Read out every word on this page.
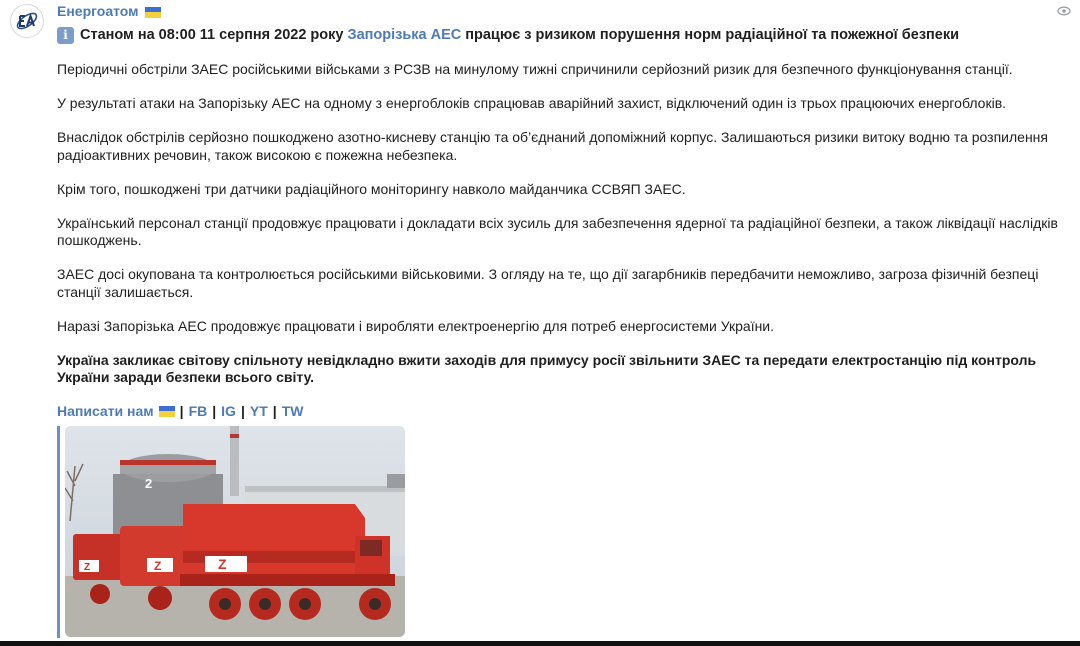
Енергоатом
i Станом на 08:00 11 серпня 2022 року Запорізька АЕС працює з ризиком порушення норм радіаційної та пожежної безпеки

Періодичні обстріли ЗАЕС російськими військами з РСЗВ на минулому тижні спричинили серйозний ризик для безпечного функціонування станції.

У результаті атаки на Запорізьку АЕС на одному з енергоблоків спрацював аварійний захист, відключений один із трьох працюючих енергоблоків.

Внаслідок обстрілів серйозно пошкоджено азотно-кисневу станцію та об’єднаний допоміжний корпус. Залишаються ризики витоку водню та розпилення радіоактивних речовин, також високою є пожежна небезпека.

Крім того, пошкоджені три датчики радіаційного моніторингу навколо майданчика ССВЯП ЗАЕС.

Український персонал станції продовжує працювати і докладати всіх зусиль для забезпечення ядерної та радіаційної безпеки, а також ліквідації наслідків пошкоджень.

ЗАЕС досі окупована та контролюється російськими військовими. З огляду на те, що дії загарбників передбачити неможливо, загроза фізичній безпеці станції залишається.

Наразі Запорізька АЕС продовжує працювати і виробляти електроенергію для потреб енергосистеми України.

Україна закликає світову спільноту невідкладно вжити заходів для примусу росії звільнити ЗАЕС та передати електростанцію під контроль України заради безпеки всього світу.

Написати нам | FB | IG | YT | TW
2
Z
Z
Z
